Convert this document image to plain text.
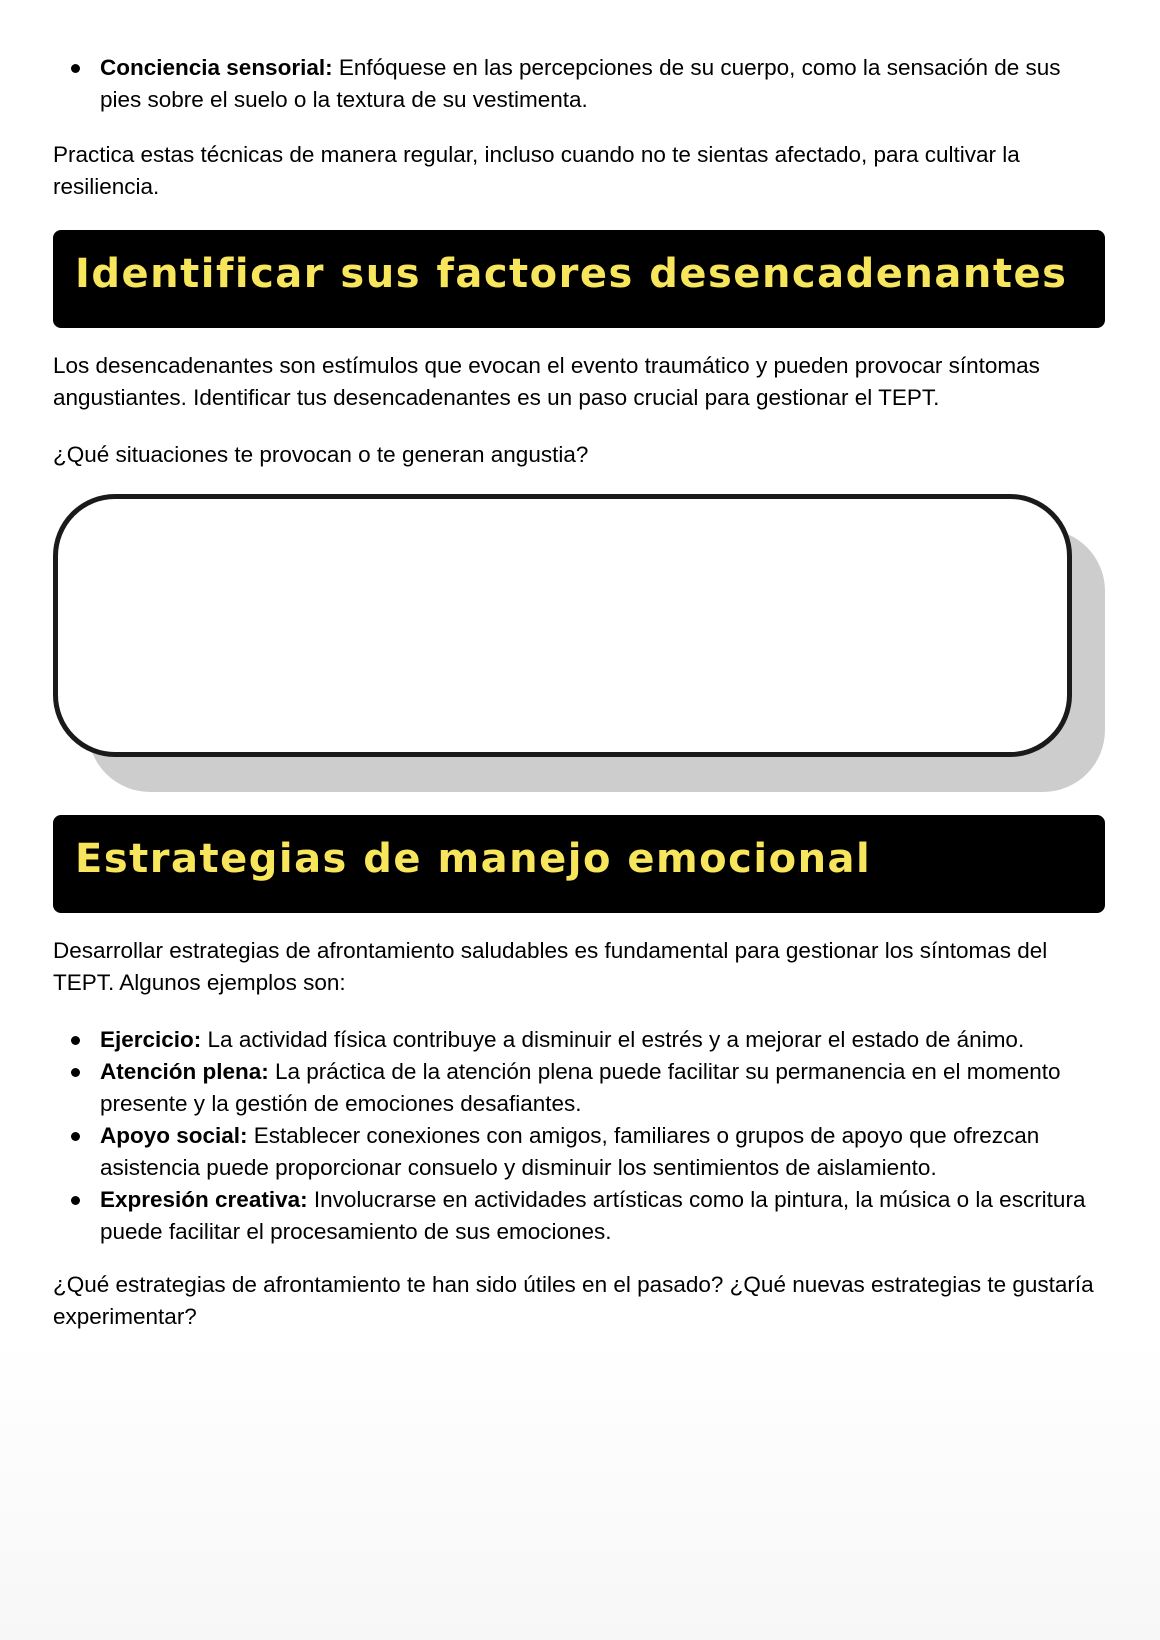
Conciencia sensorial: Enfóquese en las percepciones de su cuerpo, como la sensación de sus pies sobre el suelo o la textura de su vestimenta.

Practica estas técnicas de manera regular, incluso cuando no te sientas afectado, para cultivar la resiliencia.

Identificar sus factores desencadenantes

Los desencadenantes son estímulos que evocan el evento traumático y pueden provocar síntomas angustiantes. Identificar tus desencadenantes es un paso crucial para gestionar el TEPT.

¿Qué situaciones te provocan o te generan angustia?

Estrategias de manejo emocional

Desarrollar estrategias de afrontamiento saludables es fundamental para gestionar los síntomas del TEPT. Algunos ejemplos son:

Ejercicio: La actividad física contribuye a disminuir el estrés y a mejorar el estado de ánimo.
Atención plena: La práctica de la atención plena puede facilitar su permanencia en el momento presente y la gestión de emociones desafiantes.
Apoyo social: Establecer conexiones con amigos, familiares o grupos de apoyo que ofrezcan asistencia puede proporcionar consuelo y disminuir los sentimientos de aislamiento.
Expresión creativa: Involucrarse en actividades artísticas como la pintura, la música o la escritura puede facilitar el procesamiento de sus emociones.

¿Qué estrategias de afrontamiento te han sido útiles en el pasado? ¿Qué nuevas estrategias te gustaría experimentar?
